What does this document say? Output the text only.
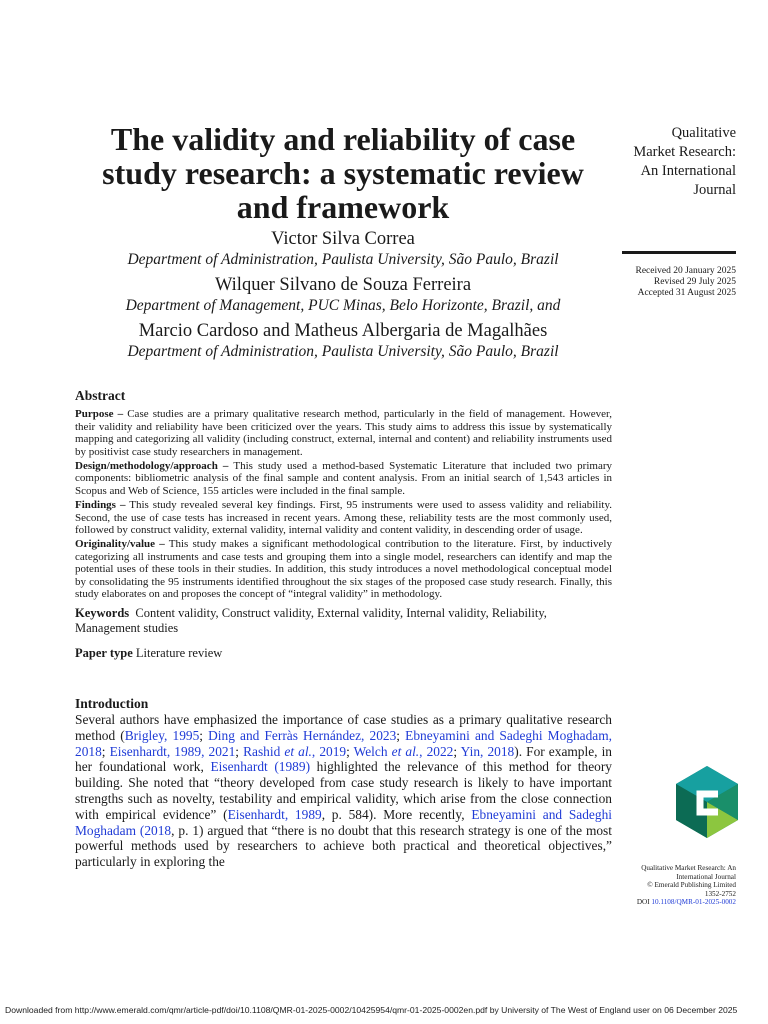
The validity and reliability of case study research: a systematic review and framework
Victor Silva Correa
Department of Administration, Paulista University, São Paulo, Brazil
Wilquer Silvano de Souza Ferreira
Department of Management, PUC Minas, Belo Horizonte, Brazil, and
Marcio Cardoso and Matheus Albergaria de Magalhães
Department of Administration, Paulista University, São Paulo, Brazil
Qualitative
Market Research:
An International
Journal
Received 20 January 2025
Revised 29 July 2025
Accepted 31 August 2025
Abstract

Purpose – Case studies are a primary qualitative research method, particularly in the field of management. However, their validity and reliability have been criticized over the years. This study aims to address this issue by systematically mapping and categorizing all validity (including construct, external, internal and content) and reliability instruments used by positivist case study researchers in management.

Design/methodology/approach – This study used a method-based Systematic Literature that included two primary components: bibliometric analysis of the final sample and content analysis. From an initial search of 1,543 articles in Scopus and Web of Science, 155 articles were included in the final sample.

Findings – This study revealed several key findings. First, 95 instruments were used to assess validity and reliability. Second, the use of case tests has increased in recent years. Among these, reliability tests are the most commonly used, followed by construct validity, external validity, internal validity and content validity, in descending order of usage.

Originality/value – This study makes a significant methodological contribution to the literature. First, by inductively categorizing all instruments and case tests and grouping them into a single model, researchers can identify and map the potential uses of these tools in their studies. In addition, this study introduces a novel methodological conceptual model by consolidating the 95 instruments identified throughout the six stages of the proposed case study research. Finally, this study elaborates on and proposes the concept of “integral validity” in methodology.

Keywords Content validity, Construct validity, External validity, Internal validity, Reliability, Management studies

Paper type Literature review

Introduction

Several authors have emphasized the importance of case studies as a primary qualitative research method (Brigley, 1995; Ding and Ferràs Hernández, 2023; Ebneyamini and Sadeghi Moghadam, 2018; Eisenhardt, 1989, 2021; Rashid et al., 2019; Welch et al., 2022; Yin, 2018). For example, in her foundational work, Eisenhardt (1989) highlighted the relevance of this method for theory building. She noted that “theory developed from case study research is likely to have important strengths such as novelty, testability and empirical validity, which arise from the close connection with empirical evidence” (Eisenhardt, 1989, p. 584). More recently, Ebneyamini and Sadeghi Moghadam (2018, p. 1) argued that “there is no doubt that this research strategy is one of the most powerful methods used by researchers to achieve both practical and theoretical objectives,” particularly in exploring the	Qualitative Market Research: An International Journal
© Emerald Publishing Limited
1352-2752
DOI 10.1108/QMR-01-2025-0002
Downloaded from http://www.emerald.com/qmr/article-pdf/doi/10.1108/QMR-01-2025-0002/10425954/qmr-01-2025-0002en.pdf by University of The West of England user on 06 December 2025
